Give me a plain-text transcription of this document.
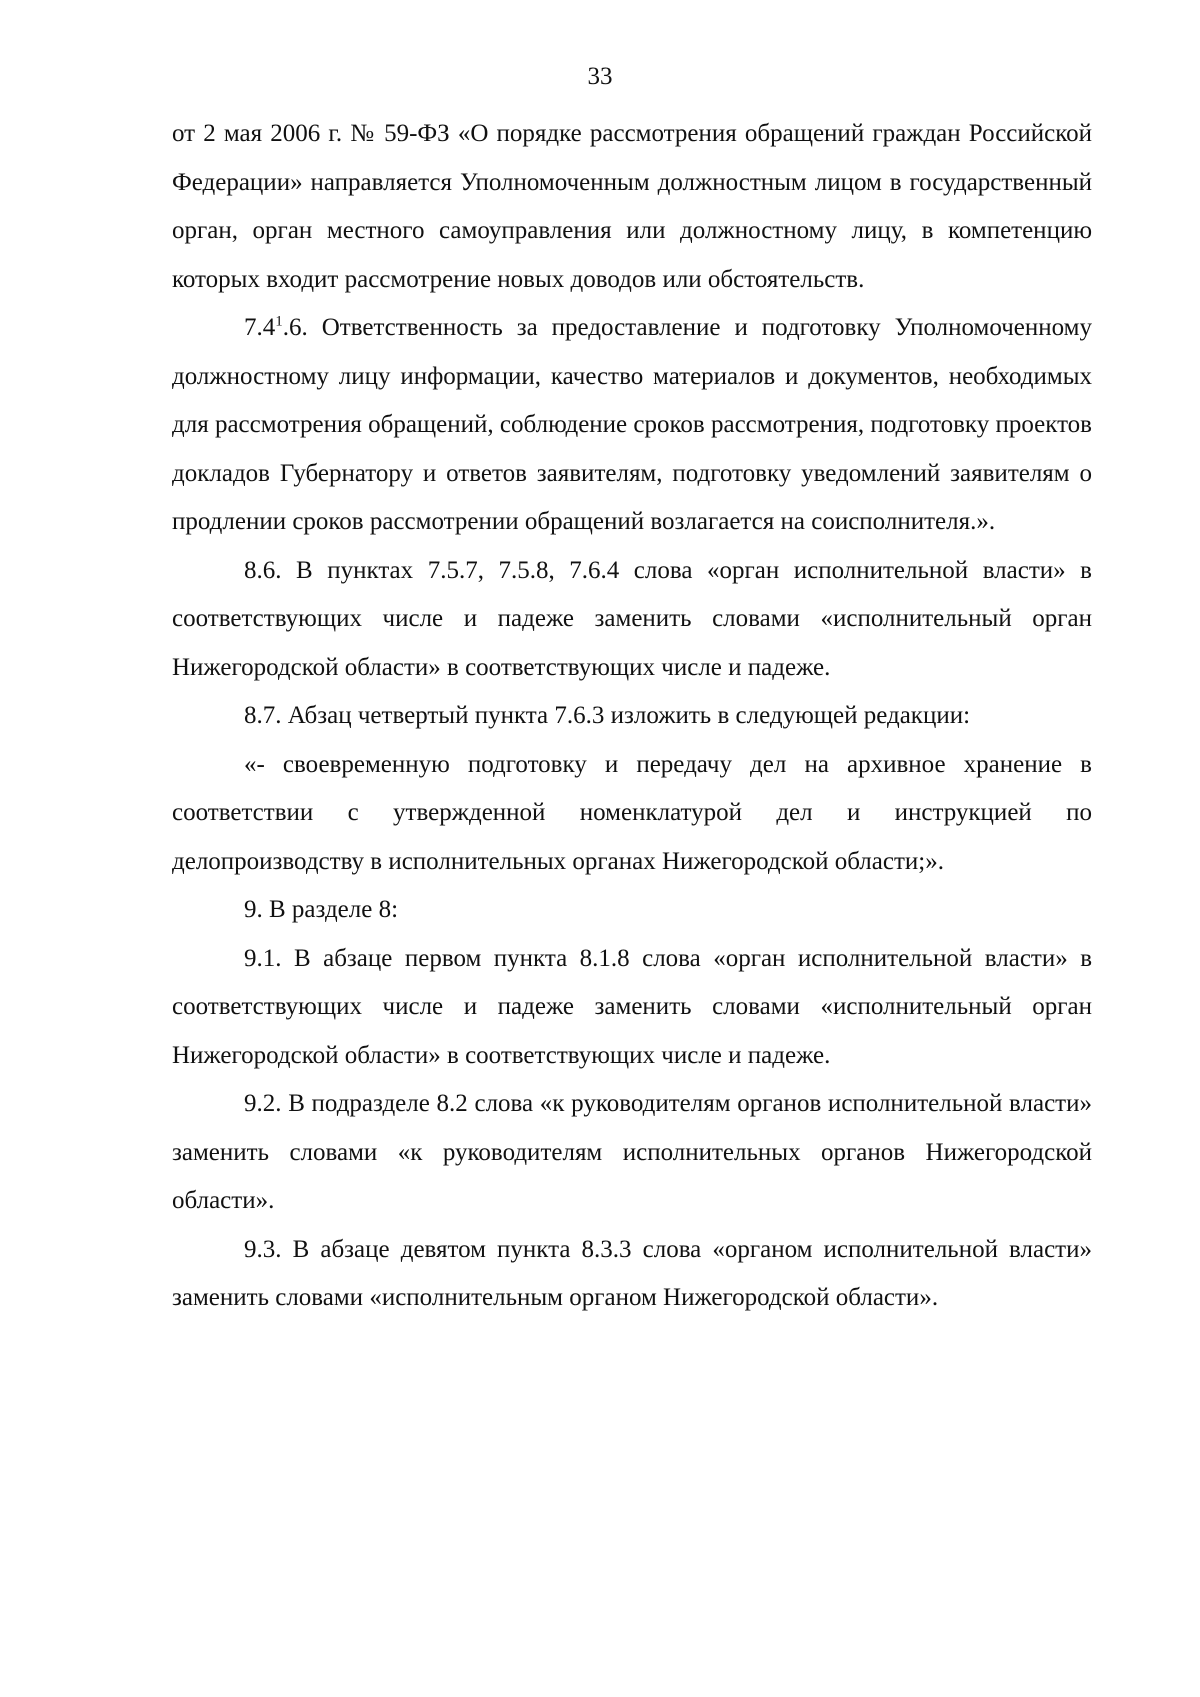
33

от 2 мая 2006 г. № 59-ФЗ «О порядке рассмотрения обращений граждан Российской Федерации» направляется Уполномоченным должностным лицом в государственный орган, орган местного самоуправления или должностному лицу, в компетенцию которых входит рассмотрение новых доводов или обстоятельств.

$7.4^1.6$. Ответственность за предоставление и подготовку Уполномоченному должностному лицу информации, качество материалов и документов, необходимых для рассмотрения обращений, соблюдение сроков рассмотрения, подготовку проектов докладов Губернатору и ответов заявителям, подготовку уведомлений заявителям о продлении сроков рассмотрении обращений возлагается на соисполнителя.».

8.6. В пунктах 7.5.7, 7.5.8, 7.6.4 слова «орган исполнительной власти» в соответствующих числе и падеже заменить словами «исполнительный орган Нижегородской области» в соответствующих числе и падеже.

8.7. Абзац четвертый пункта 7.6.3 изложить в следующей редакции:

«- своевременную подготовку и передачу дел на архивное хранение в соответствии с утвержденной номенклатурой дел и инструкцией по делопроизводству в исполнительных органах Нижегородской области;».

9. В разделе 8:

9.1. В абзаце первом пункта 8.1.8 слова «орган исполнительной власти» в соответствующих числе и падеже заменить словами «исполнительный орган Нижегородской области» в соответствующих числе и падеже.

9.2. В подразделе 8.2 слова «к руководителям органов исполнительной власти» заменить словами «к руководителям исполнительных органов Нижегородской области».

9.3. В абзаце девятом пункта 8.3.3 слова «органом исполнительной власти» заменить словами «исполнительным органом Нижегородской области».
